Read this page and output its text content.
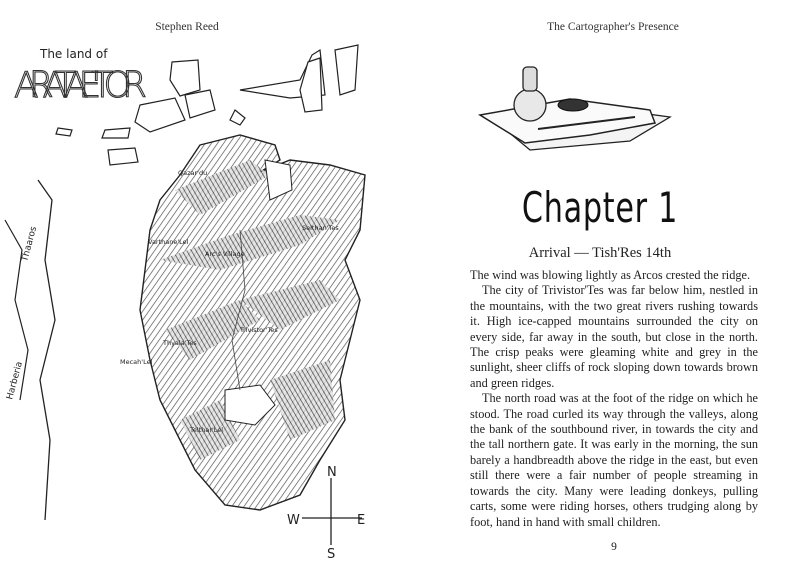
Stephen Reed
The land of
ARATAE'TOR
Qazar'du
Varthane'Lel
Selthan'Tes
Arc's Village
Thyala'Tes
Mecah'Lel
Trivistor'Tes
Telthar'Lel
Thaaros
Harberia
N
E
S
W
The Cartographer's Presence
Chapter 1
Arrival — Tish'Res 14th

The wind was blowing lightly as Arcos crested the ridge.

The city of Trivistor'Tes was far below him, nestled in the mountains, with the two great rivers rushing towards it. High ice-capped mountains surrounded the city on every side, far away in the south, but close in the north. The crisp peaks were gleaming white and grey in the sunlight, sheer cliffs of rock sloping down towards brown and green ridges.

The north road was at the foot of the ridge on which he stood. The road curled its way through the valleys, along the bank of the southbound river, in towards the city and the tall northern gate. It was early in the morning, the sun barely a handbreadth above the ridge in the east, but even still there were a fair number of people streaming in towards the city. Many were leading donkeys, pulling carts, some were riding horses, others trudging along by foot, hand in hand with small children.

9
